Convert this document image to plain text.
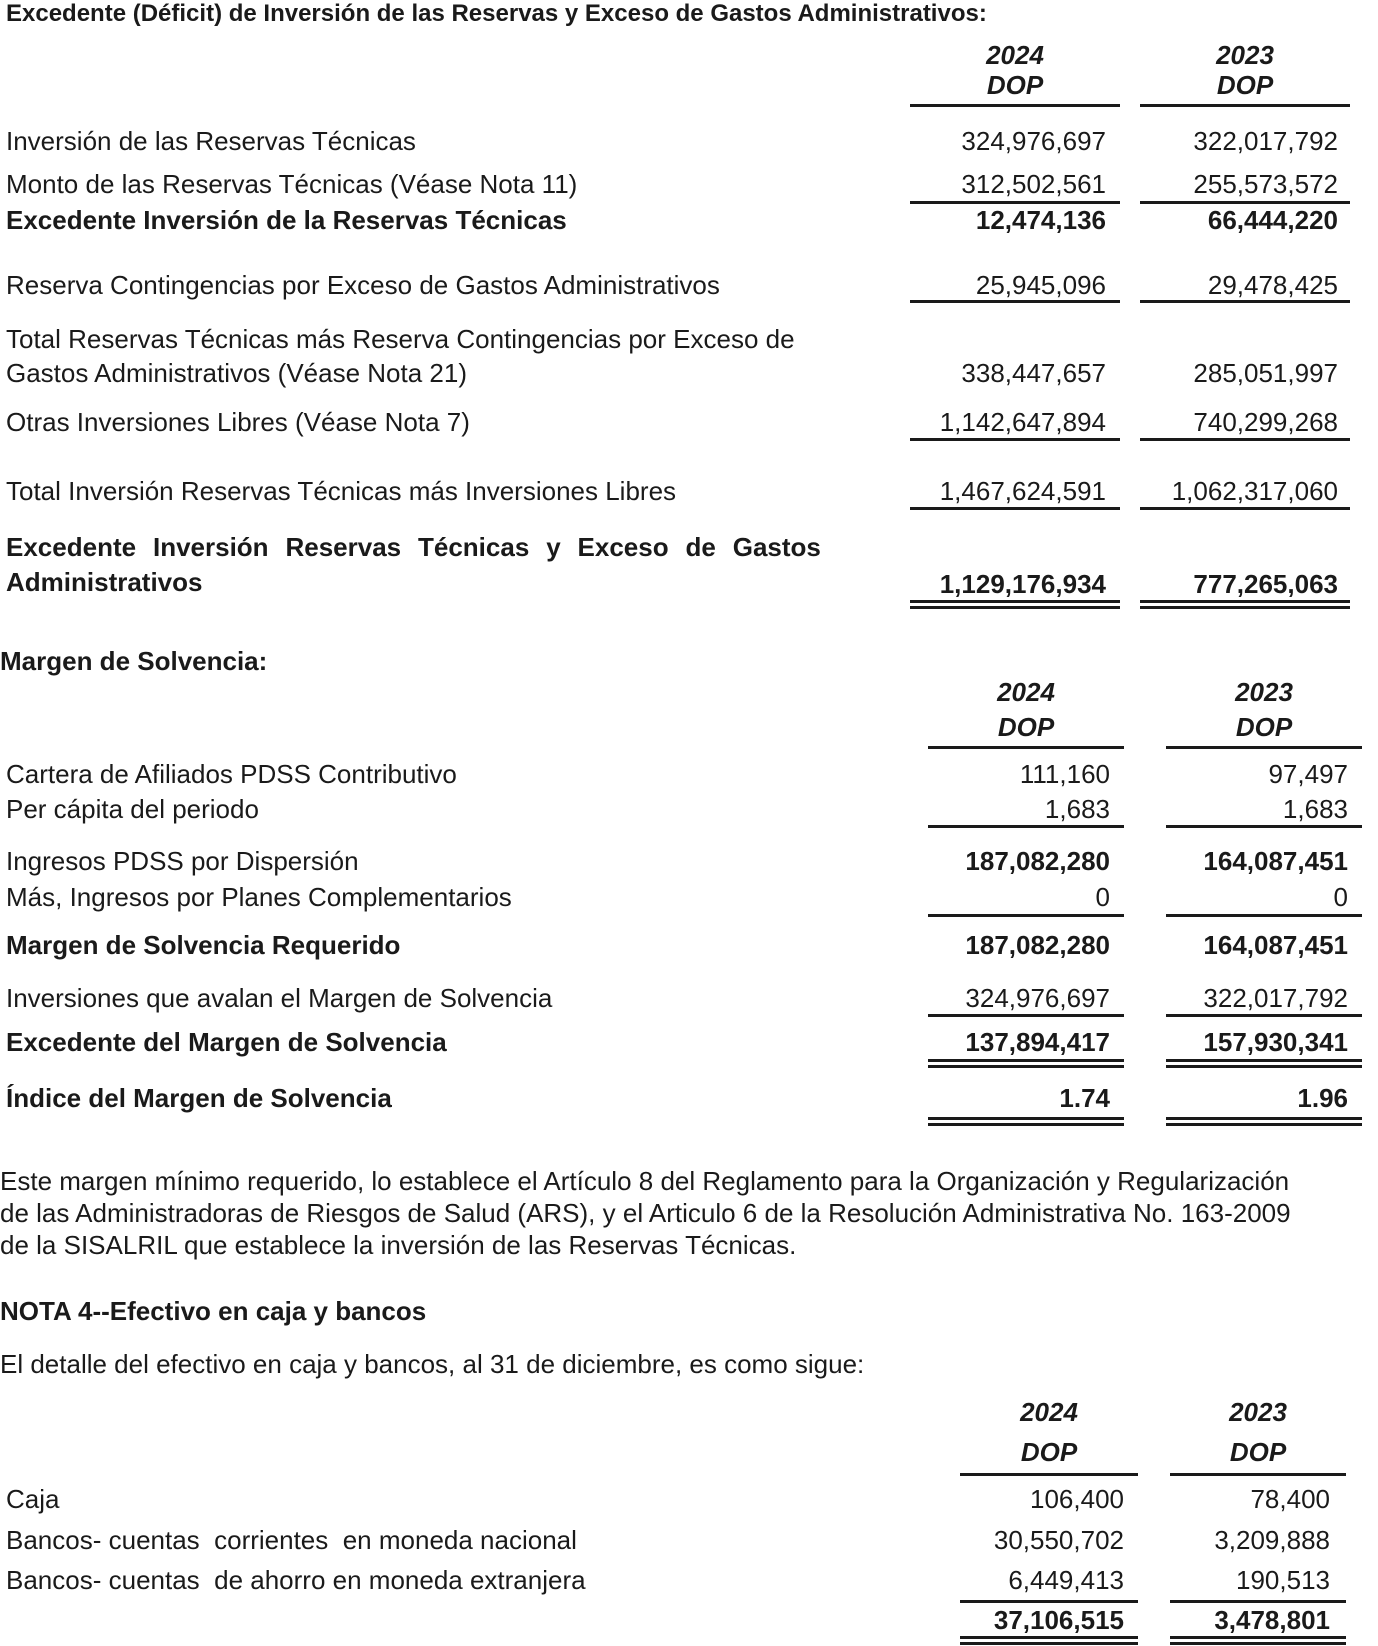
Excedente (Déficit) de Inversión de las Reservas y Exceso de Gastos Administrativos:
2024
DOP
2023
DOP
Inversión de las Reservas Técnicas	324,976,697	322,017,792
Monto de las Reservas Técnicas (Véase Nota 11)	312,502,561	255,573,572
Excedente Inversión de la Reservas Técnicas	12,474,136	66,444,220
Reserva Contingencias por Exceso de Gastos Administrativos	25,945,096	29,478,425
Total Reservas Técnicas más Reserva Contingencias por Exceso de
Gastos Administrativos (Véase Nota 21)	338,447,657	285,051,997
Otras Inversiones Libres (Véase Nota 7)	1,142,647,894	740,299,268
Total Inversión Reservas Técnicas más Inversiones Libres	1,467,624,591	1,062,317,060
Excedente Inversión Reservas Técnicas y Exceso de Gastos
Administrativos	1,129,176,934	777,265,063
Margen de Solvencia:
2024
DOP
2023
DOP
Cartera de Afiliados PDSS Contributivo	111,160	97,497
Per cápita del periodo	1,683	1,683
Ingresos PDSS por Dispersión	187,082,280	164,087,451
Más, Ingresos por Planes Complementarios	0	0
Margen de Solvencia Requerido	187,082,280	164,087,451
Inversiones que avalan el Margen de Solvencia	324,976,697	322,017,792
Excedente del Margen de Solvencia	137,894,417	157,930,341
Índice del Margen de Solvencia	1.74	1.96
Este margen mínimo requerido, lo establece el Artículo 8 del Reglamento para la Organización y Regularización
de las Administradoras de Riesgos de Salud (ARS), y el Articulo 6 de la Resolución Administrativa No. 163-2009
de la SISALRIL que establece la inversión de las Reservas Técnicas.
NOTA 4--Efectivo en caja y bancos
El detalle del efectivo en caja y bancos, al 31 de diciembre, es como sigue:
2024
DOP
2023
DOP
Caja	106,400	78,400
Bancos- cuentas  corrientes  en moneda nacional	30,550,702	3,209,888
Bancos- cuentas  de ahorro en moneda extranjera	6,449,413	190,513
37,106,515	3,478,801
